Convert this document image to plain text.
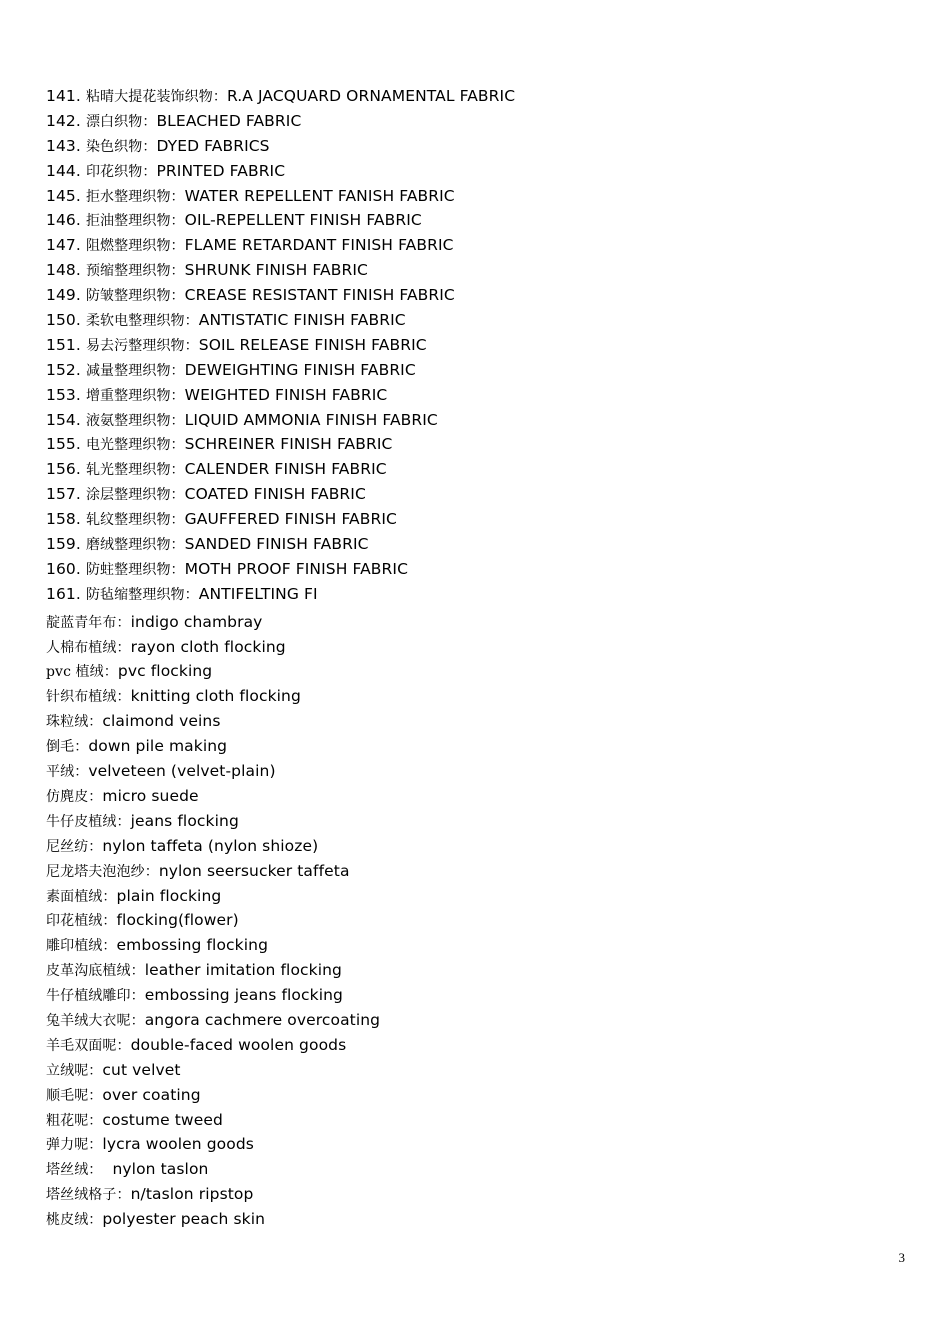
141. 粘晴大提花装饰织物：R.A JACQUARD ORNAMENTAL FABRIC
142. 漂白织物：BLEACHED FABRIC
143. 染色织物：DYED FABRICS
144. 印花织物：PRINTED FABRIC
145. 拒水整理织物：WATER REPELLENT FANISH FABRIC
146. 拒油整理织物：OIL-REPELLENT FINISH FABRIC
147. 阻燃整理织物：FLAME RETARDANT FINISH FABRIC
148. 预缩整理织物：SHRUNK FINISH FABRIC
149. 防皱整理织物：CREASE RESISTANT FINISH FABRIC
150. 柔软电整理织物：ANTISTATIC FINISH FABRIC
151. 易去污整理织物：SOIL RELEASE FINISH FABRIC
152. 减量整理织物：DEWEIGHTING FINISH FABRIC
153. 增重整理织物：WEIGHTED FINISH FABRIC
154. 液氨整理织物：LIQUID AMMONIA FINISH FABRIC
155. 电光整理织物：SCHREINER FINISH FABRIC
156. 轧光整理织物：CALENDER FINISH FABRIC
157. 涂层整理织物：COATED FINISH FABRIC
158. 轧纹整理织物：GAUFFERED FINISH FABRIC
159. 磨绒整理织物：SANDED FINISH FABRIC
160. 防蛀整理织物：MOTH PROOF FINISH FABRIC
161. 防毡缩整理织物：ANTIFELTING FI
靛蓝青年布：indigo chambray
人棉布植绒：rayon cloth flocking
pvc 植绒：pvc flocking
针织布植绒：knitting cloth flocking
珠粒绒：claimond veins
倒毛：down pile making
平绒：velveteen (velvet-plain)
仿麂皮：micro suede
牛仔皮植绒：jeans flocking
尼丝纺：nylon taffeta (nylon shioze)
尼龙塔夫泡泡纱：nylon seersucker taffeta
素面植绒：plain flocking
印花植绒：flocking(flower)
雕印植绒：embossing flocking
皮革沟底植绒：leather imitation flocking
牛仔植绒雕印：embossing jeans flocking
兔羊绒大衣呢：angora cachmere overcoating
羊毛双面呢：double-faced woolen goods
立绒呢：cut velvet
顺毛呢：over coating
粗花呢：costume tweed
弹力呢：lycra woolen goods
塔丝绒：  nylon taslon
塔丝绒格子：n/taslon ripstop
桃皮绒：polyester peach skin
3
